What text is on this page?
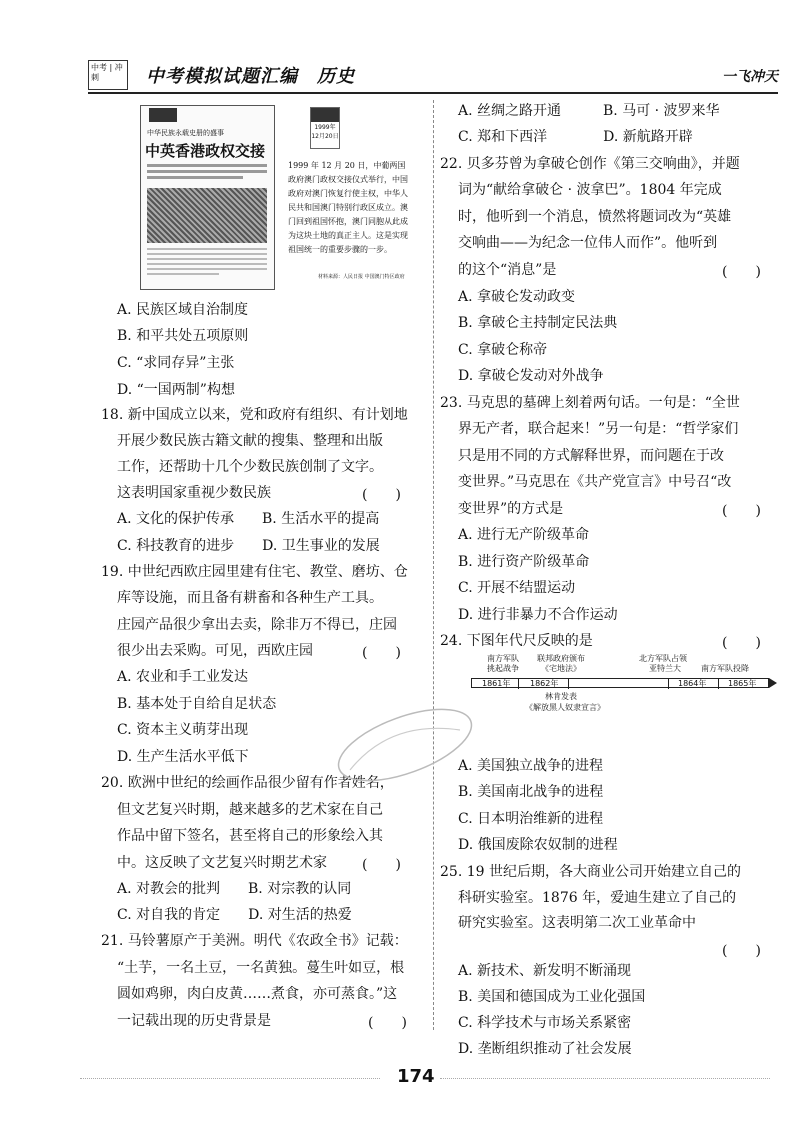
中考 | 冲刺	中考模拟试题汇编　历史	一飞冲天
中华民族永载史册的盛事
中英香港政权交接
1999年12月20日
1999 年 12 月 20 日，中葡两国政府澳门政权交接仪式举行，中国政府对澳门恢复行使主权，中华人民共和国澳门特别行政区成立。澳门回到祖国怀抱，澳门同胞从此成为这块土地的真正主人。这是实现祖国统一的重要步骤的一步。
材料来源：人民日报 中国澳门特区政府
A. 民族区域自治制度
B. 和平共处五项原则
C. “求同存异”主张
D. “一国两制”构想
18. 新中国成立以来，党和政府有组织、有计划地
开展少数民族古籍文献的搜集、整理和出版
工作，还帮助十几个少数民族创制了文字。
这表明国家重视少数民族	(　　)
A. 文化的保护传承　　B. 生活水平的提高
C. 科技教育的进步　　D. 卫生事业的发展
19. 中世纪西欧庄园里建有住宅、教堂、磨坊、仓
库等设施，而且备有耕畜和各种生产工具。
庄园产品很少拿出去卖，除非万不得已，庄园
很少出去采购。可见，西欧庄园	(　　)
A. 农业和手工业发达
B. 基本处于自给自足状态
C. 资本主义萌芽出现
D. 生产生活水平低下
20. 欧洲中世纪的绘画作品很少留有作者姓名，
但文艺复兴时期，越来越多的艺术家在自己
作品中留下签名，甚至将自己的形象绘入其
中。这反映了文艺复兴时期艺术家	(　　)
A. 对教会的批判　　B. 对宗教的认同
C. 对自我的肯定　　D. 对生活的热爱
21. 马铃薯原产于美洲。明代《农政全书》记载：
“土芋，一名土豆，一名黄独。蔓生叶如豆，根
圆如鸡卵，肉白皮黄……煮食，亦可蒸食。”这
一记载出现的历史背景是	(　　)
A. 丝绸之路开通　　　B. 马可 · 波罗来华
C. 郑和下西洋　　　　D. 新航路开辟
22. 贝多芬曾为拿破仑创作《第三交响曲》，并题
词为“献给拿破仑 · 波拿巴”。1804 年完成
时，他听到一个消息，愤然将题词改为“英雄
交响曲——为纪念一位伟人而作”。他听到
的这个“消息”是	(　　)
A. 拿破仑发动政变
B. 拿破仑主持制定民法典
C. 拿破仑称帝
D. 拿破仑发动对外战争
23. 马克思的墓碑上刻着两句话。一句是：“全世
界无产者，联合起来！”另一句是：“哲学家们
只是用不同的方式解释世界，而问题在于改
变世界。”马克思在《共产党宣言》中号召“改
变世界”的方式是	(　　)
A. 进行无产阶级革命
B. 进行资产阶级革命
C. 开展不结盟运动
D. 进行非暴力不合作运动
24. 下图年代尺反映的是	(　　)
A. 美国独立战争的进程
B. 美国南北战争的进程
C. 日本明治维新的进程
D. 俄国废除农奴制的进程
25. 19 世纪后期，各大商业公司开始建立自己的
科研实验室。1876 年，爱迪生建立了自己的
研究实验室。这表明第二次工业革命中
A. 新技术、新发明不断涌现
B. 美国和德国成为工业化强国
C. 科学技术与市场关系紧密
D. 垄断组织推动了社会发展
(　　)
南方军队
挑起战争
联邦政府颁布
《宅地法》
北方军队占领
亚特兰大	南方军队投降
1861年 1862年	1864年	1865年
林肯发表
《解放黑人奴隶宣言》
174
